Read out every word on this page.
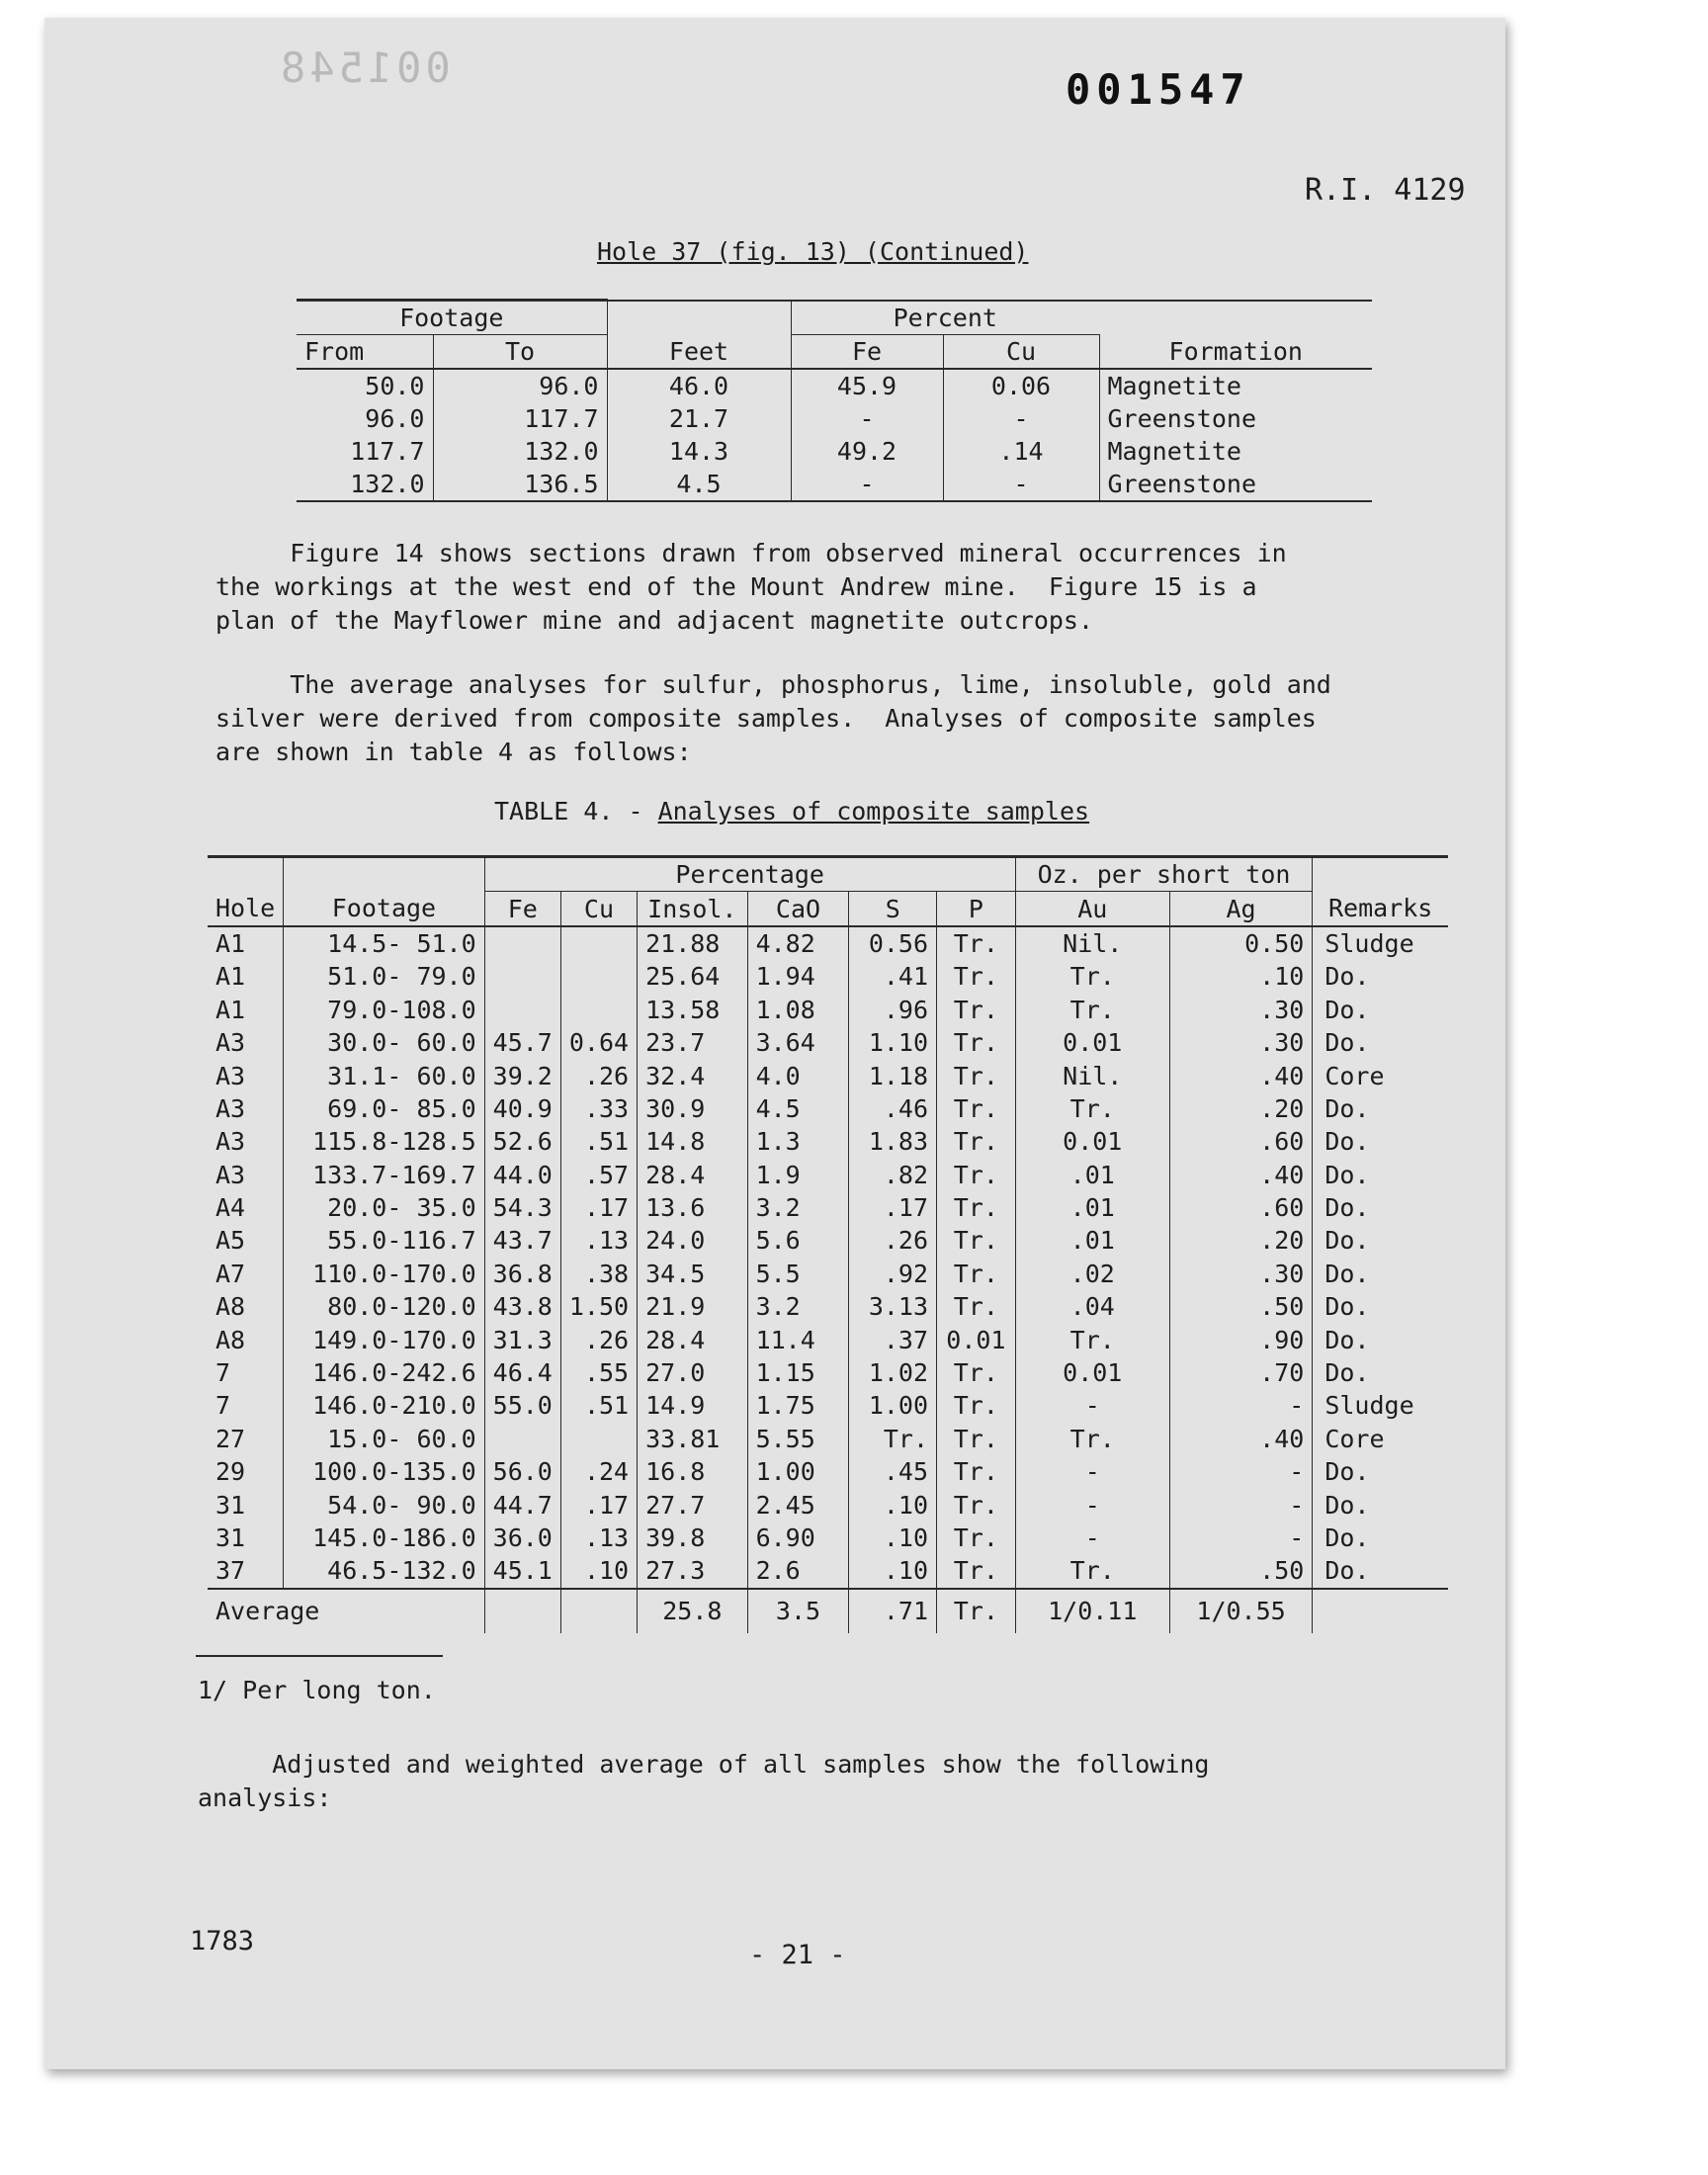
001548	001547
R.I. 4129
Hole 37 (fig. 13) (Continued)
Footage			Percent		
From	To	Feet	Fe	Cu	Formation
50.0	96.0	46.0	45.9	0.06	Magnetite
96.0	117.7	21.7	-	-	Greenstone
117.7	132.0	14.3	49.2	.14	Magnetite
132.0	136.5	4.5	-	-	Greenstone
Figure 14 shows sections drawn from observed mineral occurrences in
the workings at the west end of the Mount Andrew mine.  Figure 15 is a
plan of the Mayflower mine and adjacent magnetite outcrops.
The average analyses for sulfur, phosphorus, lime, insoluble, gold and
silver were derived from composite samples.  Analyses of composite samples
are shown in table 4 as follows:
TABLE 4. - Analyses of composite samples
		Percentage						Oz. per short ton		
Hole	Footage	Fe	Cu	Insol.	CaO	S	P	Au	Ag	Remarks
A1	14.5- 51.0			21.88	4.82	0.56	Tr.	Nil.	0.50	Sludge
A1	51.0- 79.0			25.64	1.94	.41	Tr.	Tr.	.10	Do.
A1	79.0-108.0			13.58	1.08	.96	Tr.	Tr.	.30	Do.
A3	30.0- 60.0	45.7	0.64	23.7	3.64	1.10	Tr.	0.01	.30	Do.
A3	31.1- 60.0	39.2	.26	32.4	4.0	1.18	Tr.	Nil.	.40	Core
A3	69.0- 85.0	40.9	.33	30.9	4.5	.46	Tr.	Tr.	.20	Do.
A3	115.8-128.5	52.6	.51	14.8	1.3	1.83	Tr.	0.01	.60	Do.
A3	133.7-169.7	44.0	.57	28.4	1.9	.82	Tr.	.01	.40	Do.
A4	20.0- 35.0	54.3	.17	13.6	3.2	.17	Tr.	.01	.60	Do.
A5	55.0-116.7	43.7	.13	24.0	5.6	.26	Tr.	.01	.20	Do.
A7	110.0-170.0	36.8	.38	34.5	5.5	.92	Tr.	.02	.30	Do.
A8	80.0-120.0	43.8	1.50	21.9	3.2	3.13	Tr.	.04	.50	Do.
A8	149.0-170.0	31.3	.26	28.4	11.4	.37	0.01	Tr.	.90	Do.
7	146.0-242.6	46.4	.55	27.0	1.15	1.02	Tr.	0.01	.70	Do.
7	146.0-210.0	55.0	.51	14.9	1.75	1.00	Tr.	-	-	Sludge
27	15.0- 60.0			33.81	5.55	Tr.	Tr.	Tr.	.40	Core
29	100.0-135.0	56.0	.24	16.8	1.00	.45	Tr.	-	-	Do.
31	54.0- 90.0	44.7	.17	27.7	2.45	.10	Tr.	-	-	Do.
31	145.0-186.0	36.0	.13	39.8	6.90	.10	Tr.	-	-	Do.
37	46.5-132.0	45.1	.10	27.3	2.6	.10	Tr.	Tr.	.50	Do.
Average				25.8	3.5	.71	Tr.	1/0.11	1/0.55	
1/ Per long ton.
Adjusted and weighted average of all samples show the following
analysis:
1783	- 21 -
